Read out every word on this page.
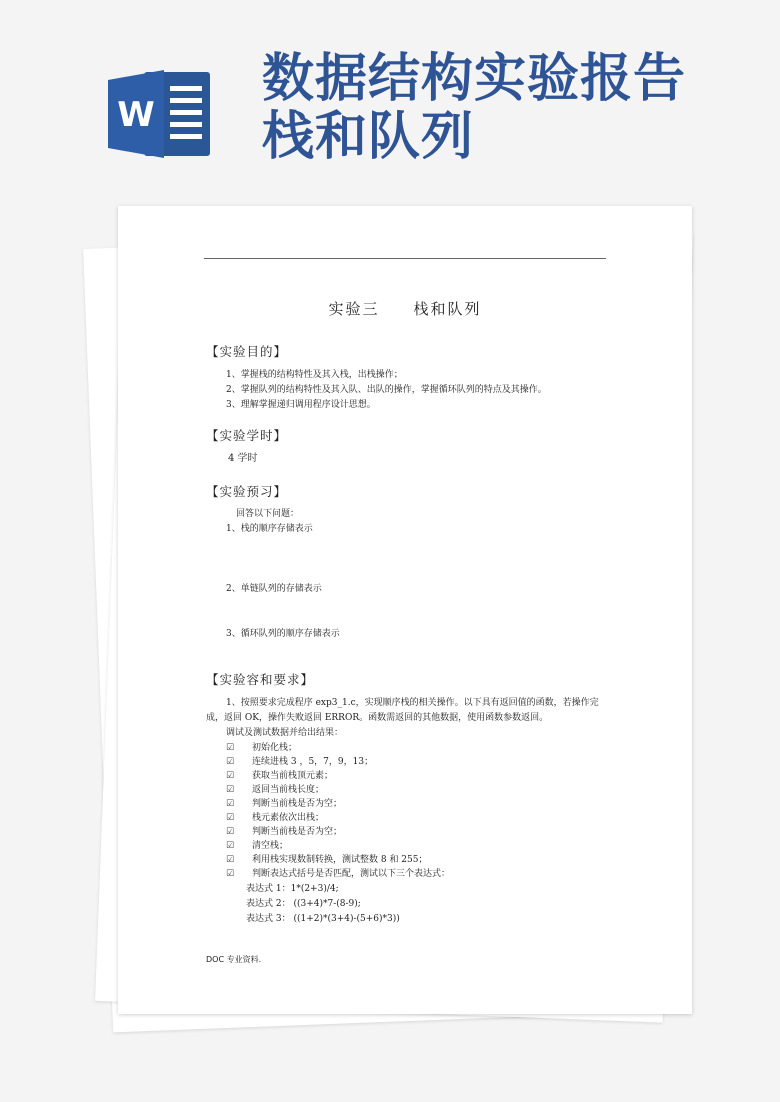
W
数据结构实验报告
栈和队列
实验三　　栈和队列
【实验目的】
1、掌握栈的结构特性及其入栈，出栈操作；
2、掌握队列的结构特性及其入队、出队的操作，掌握循环队列的特点及其操作。
3、理解掌握递归调用程序设计思想。
【实验学时】
4 学时
【实验预习】
回答以下问题：
1、栈的顺序存储表示
2、单链队列的存储表示
3、循环队列的顺序存储表示
【实验容和要求】
1、按照要求完成程序 exp3_1.c，实现顺序栈的相关操作。以下具有返回值的函数，若操作完成，返回 OK，操作失败返回 ERROR。函数需返回的其他数据，使用函数参数返回。
调试及测试数据并给出结果：
☑ 初始化栈；
☑ 连续进栈 3 ，5，7，9，13；
☑ 获取当前栈顶元素；
☑ 返回当前栈长度；
☑ 判断当前栈是否为空；
☑ 栈元素依次出栈；
☑ 判断当前栈是否为空；
☑ 清空栈；
☑ 利用栈实现数制转换，测试整数 8 和 255；
☑ 判断表达式括号是否匹配，测试以下三个表达式：
表达式 1：1*(2+3)/4;
表达式 2： ((3+4)*7-(8-9);
表达式 3： ((1+2)*(3+4)-(5+6)*3))
DOC 专业资料.
